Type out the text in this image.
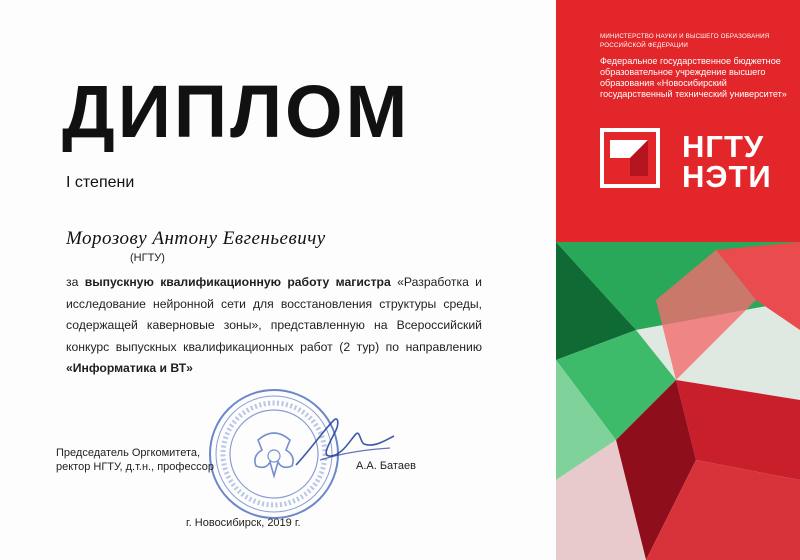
ДИПЛОМ
I степени
Морозову Антону Евгеньевичу
(НГТУ)
за выпускную квалификационную работу магистра «Разработка и исследование нейронной сети для восстановления структуры среды, содержащей каверновые зоны», представленную на Всероссийский конкурс выпускных квалификационных работ (2 тур) по направлению «Информатика и ВТ»
Председатель Оргкомитета,
ректор НГТУ, д.т.н., профессор	А.А. Батаев
г. Новосибирск, 2019 г.
МИНИСТЕРСТВО НАУКИ И ВЫСШЕГО ОБРАЗОВАНИЯ РОССИЙСКОЙ ФЕДЕРАЦИИ
Федеральное государственное бюджетное образовательное учреждение высшего образования «Новосибирский государственный технический университет»
НГТУ
НЭТИ
